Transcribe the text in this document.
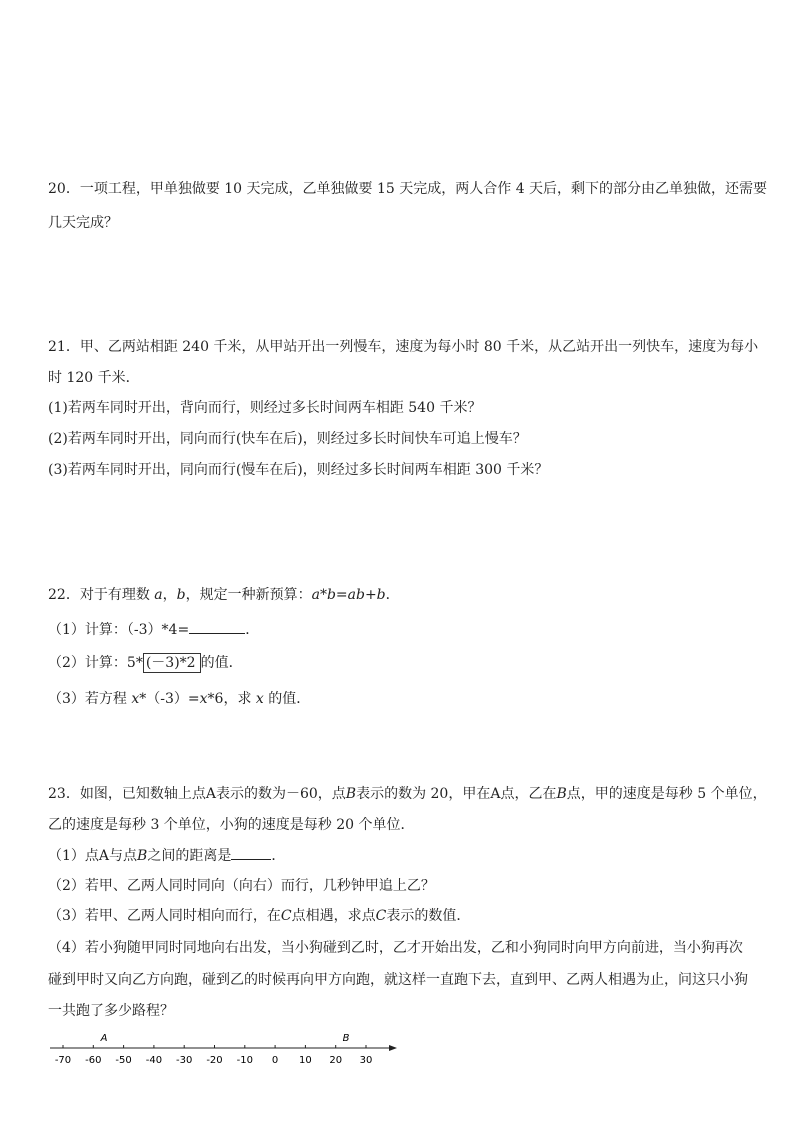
20．一项工程，甲单独做要 10 天完成，乙单独做要 15 天完成，两人合作 4 天后，剩下的部分由乙单独做，还需要

几天完成？

21．甲、乙两站相距 240 千米，从甲站开出一列慢车，速度为每小时 80 千米，从乙站开出一列快车，速度为每小

时 120 千米．

(1)若两车同时开出，背向而行，则经过多长时间两车相距 540 千米？

(2)若两车同时开出，同向而行(快车在后)，则经过多长时间快车可追上慢车？

(3)若两车同时开出，同向而行(慢车在后)，则经过多长时间两车相距 300 千米？

22．对于有理数 a，b，规定一种新预算：a*b=ab+b．

（1）计算：（-3）*4=	．

（2）计算：5* (－3)*2 的值．

（3）若方程 x*（-3）=x*6，求 x 的值．

23．如图，已知数轴上点A表示的数为－60，点B表示的数为 20，甲在A点，乙在B点，甲的速度是每秒 5 个单位，

乙的速度是每秒 3 个单位，小狗的速度是每秒 20 个单位．

（1）点A与点B之间的距离是	．

（2）若甲、乙两人同时同向（向右）而行，几秒钟甲追上乙？

（3）若甲、乙两人同时相向而行，在C点相遇，求点C表示的数值．

（4）若小狗随甲同时同地向右出发，当小狗碰到乙时，乙才开始出发，乙和小狗同时向甲方向前进，当小狗再次

碰到甲时又向乙方向跑，碰到乙的时候再向甲方向跑，就这样一直跑下去，直到甲、乙两人相遇为止，问这只小狗

一共跑了多少路程？

-70 -60 -50 -40 -30 -20 -10 0 10 20 30
A	B
